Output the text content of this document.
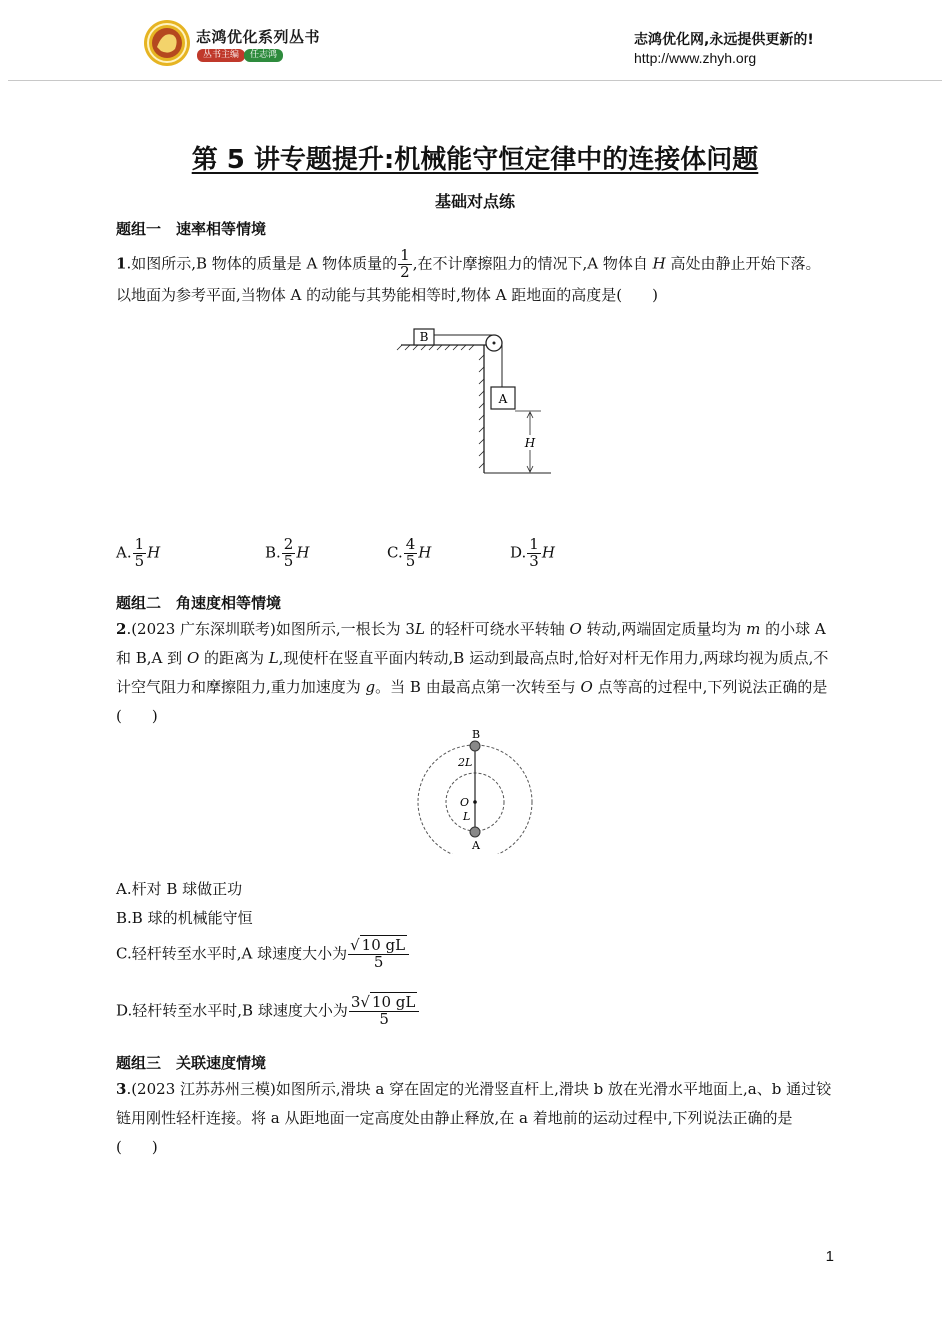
志鸿优化系列丛书
丛书主编	任志鸿
志鸿优化网,永远提供更新的!
http://www.zhyh.org
第 5 讲专题提升:机械能守恒定律中的连接体问题
基础对点练
题组一　速率相等情境
1.如图所示,B 物体的质量是 A 物体质量的 $\frac{1}{2}$ ,在不计摩擦阻力的情况下,A 物体自 H 高处由静止开始下落。以地面为参考平面,当物体 A 的动能与其势能相等时,物体 A 距地面的高度是(　　)
B
A
H
A. $\frac{1}{5}$ H	B. $\frac{2}{5}$ H	C. $\frac{4}{5}$ H	D. $\frac{1}{3}$ H
题组二　角速度相等情境
2.(2023 广东深圳联考)如图所示,一根长为 3L 的轻杆可绕水平转轴 O 转动,两端固定质量均为 m 的小球 A 和 B,A 到 O 的距离为 L,现使杆在竖直平面内转动,B 运动到最高点时,恰好对杆无作用力,两球均视为质点,不计空气阻力和摩擦阻力,重力加速度为 g。当 B 由最高点第一次转至与 O 点等高的过程中,下列说法正确的是(　　)
B
A
2L
O
L
A.杆对 B 球做正功
B.B 球的机械能守恒
C.轻杆转至水平时,A 球速度大小为 $\frac{√ 10 gL}{5}$
D.轻杆转至水平时,B 球速度大小为 $\frac{3√ 10 gL}{5}$
题组三　关联速度情境
3.(2023 江苏苏州三模)如图所示,滑块 a 穿在固定的光滑竖直杆上,滑块 b 放在光滑水平地面上,a、b 通过铰链用刚性轻杆连接。将 a 从距地面一定高度处由静止释放,在 a 着地前的运动过程中,下列说法正确的是(　　)
1
